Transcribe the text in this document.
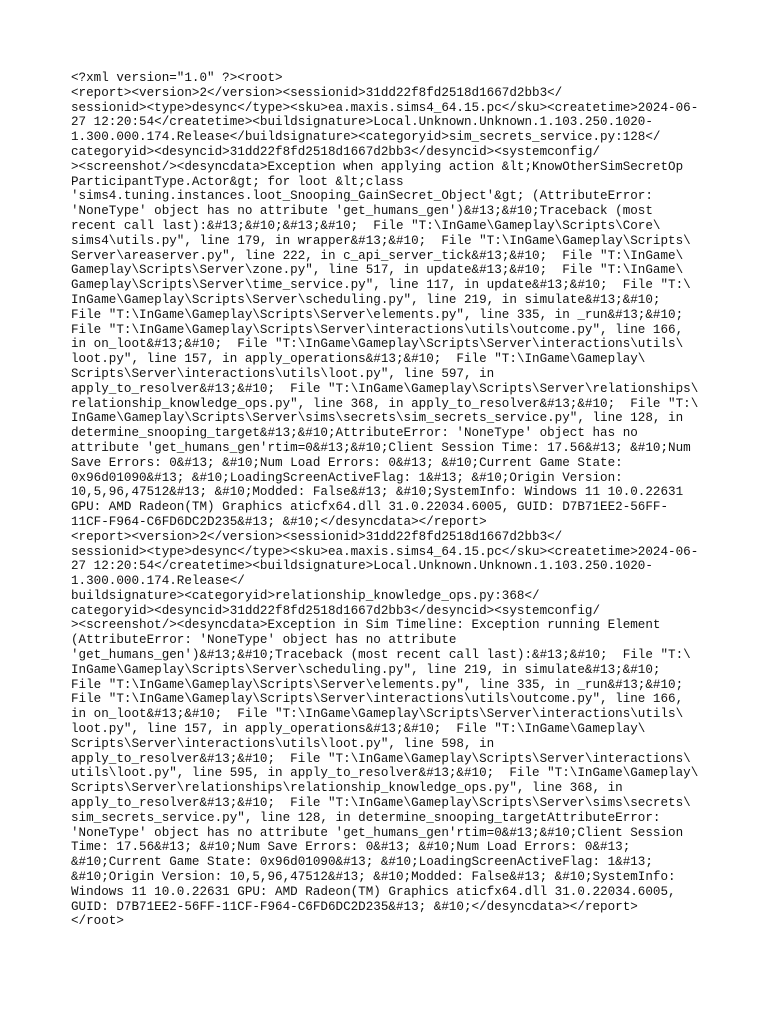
<?xml version="1.0" ?><root>
<report><version>2</version><sessionid>31dd22f8fd2518d1667d2bb3</
sessionid><type>desync</type><sku>ea.maxis.sims4_64.15.pc</sku><createtime>2024-06-
27 12:20:54</createtime><buildsignature>Local.Unknown.Unknown.1.103.250.1020-
1.300.000.174.Release</buildsignature><categoryid>sim_secrets_service.py:128</
categoryid><desyncid>31dd22f8fd2518d1667d2bb3</desyncid><systemconfig/
><screenshot/><desyncdata>Exception when applying action &lt;KnowOtherSimSecretOp
ParticipantType.Actor&gt; for loot &lt;class
'sims4.tuning.instances.loot_Snooping_GainSecret_Object'&gt; (AttributeError:
'NoneType' object has no attribute 'get_humans_gen')&#13;&#10;Traceback (most
recent call last):&#13;&#10;&#13;&#10;  File "T:\InGame\Gameplay\Scripts\Core\
sims4\utils.py", line 179, in wrapper&#13;&#10;  File "T:\InGame\Gameplay\Scripts\
Server\areaserver.py", line 222, in c_api_server_tick&#13;&#10;  File "T:\InGame\
Gameplay\Scripts\Server\zone.py", line 517, in update&#13;&#10;  File "T:\InGame\
Gameplay\Scripts\Server\time_service.py", line 117, in update&#13;&#10;  File "T:\
InGame\Gameplay\Scripts\Server\scheduling.py", line 219, in simulate&#13;&#10;
File "T:\InGame\Gameplay\Scripts\Server\elements.py", line 335, in _run&#13;&#10;
File "T:\InGame\Gameplay\Scripts\Server\interactions\utils\outcome.py", line 166,
in on_loot&#13;&#10;  File "T:\InGame\Gameplay\Scripts\Server\interactions\utils\
loot.py", line 157, in apply_operations&#13;&#10;  File "T:\InGame\Gameplay\
Scripts\Server\interactions\utils\loot.py", line 597, in
apply_to_resolver&#13;&#10;  File "T:\InGame\Gameplay\Scripts\Server\relationships\
relationship_knowledge_ops.py", line 368, in apply_to_resolver&#13;&#10;  File "T:\
InGame\Gameplay\Scripts\Server\sims\secrets\sim_secrets_service.py", line 128, in
determine_snooping_target&#13;&#10;AttributeError: 'NoneType' object has no
attribute 'get_humans_gen'rtim=0&#13;&#10;Client Session Time: 17.56&#13; &#10;Num
Save Errors: 0&#13; &#10;Num Load Errors: 0&#13; &#10;Current Game State:
0x96d01090&#13; &#10;LoadingScreenActiveFlag: 1&#13; &#10;Origin Version:
10,5,96,47512&#13; &#10;Modded: False&#13; &#10;SystemInfo: Windows 11 10.0.22631
GPU: AMD Radeon(TM) Graphics aticfx64.dll 31.0.22034.6005, GUID: D7B71EE2-56FF-
11CF-F964-C6FD6DC2D235&#13; &#10;</desyncdata></report>
<report><version>2</version><sessionid>31dd22f8fd2518d1667d2bb3</
sessionid><type>desync</type><sku>ea.maxis.sims4_64.15.pc</sku><createtime>2024-06-
27 12:20:54</createtime><buildsignature>Local.Unknown.Unknown.1.103.250.1020-
1.300.000.174.Release</
buildsignature><categoryid>relationship_knowledge_ops.py:368</
categoryid><desyncid>31dd22f8fd2518d1667d2bb3</desyncid><systemconfig/
><screenshot/><desyncdata>Exception in Sim Timeline: Exception running Element
(AttributeError: 'NoneType' object has no attribute
'get_humans_gen')&#13;&#10;Traceback (most recent call last):&#13;&#10;  File "T:\
InGame\Gameplay\Scripts\Server\scheduling.py", line 219, in simulate&#13;&#10;
File "T:\InGame\Gameplay\Scripts\Server\elements.py", line 335, in _run&#13;&#10;
File "T:\InGame\Gameplay\Scripts\Server\interactions\utils\outcome.py", line 166,
in on_loot&#13;&#10;  File "T:\InGame\Gameplay\Scripts\Server\interactions\utils\
loot.py", line 157, in apply_operations&#13;&#10;  File "T:\InGame\Gameplay\
Scripts\Server\interactions\utils\loot.py", line 598, in
apply_to_resolver&#13;&#10;  File "T:\InGame\Gameplay\Scripts\Server\interactions\
utils\loot.py", line 595, in apply_to_resolver&#13;&#10;  File "T:\InGame\Gameplay\
Scripts\Server\relationships\relationship_knowledge_ops.py", line 368, in
apply_to_resolver&#13;&#10;  File "T:\InGame\Gameplay\Scripts\Server\sims\secrets\
sim_secrets_service.py", line 128, in determine_snooping_targetAttributeError:
'NoneType' object has no attribute 'get_humans_gen'rtim=0&#13;&#10;Client Session
Time: 17.56&#13; &#10;Num Save Errors: 0&#13; &#10;Num Load Errors: 0&#13;
&#10;Current Game State: 0x96d01090&#13; &#10;LoadingScreenActiveFlag: 1&#13;
&#10;Origin Version: 10,5,96,47512&#13; &#10;Modded: False&#13; &#10;SystemInfo:
Windows 11 10.0.22631 GPU: AMD Radeon(TM) Graphics aticfx64.dll 31.0.22034.6005,
GUID: D7B71EE2-56FF-11CF-F964-C6FD6DC2D235&#13; &#10;</desyncdata></report>
</root>
